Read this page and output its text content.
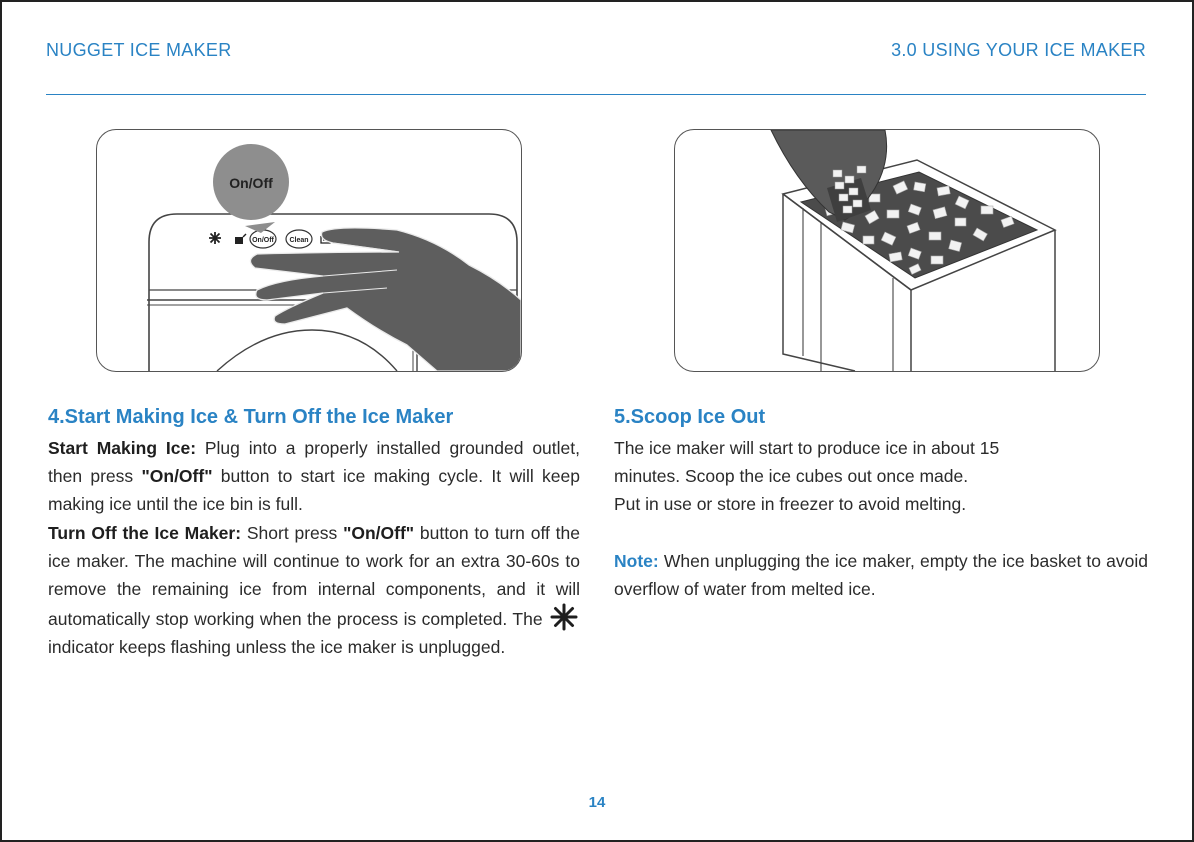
NUGGET ICE MAKER	3.0 USING YOUR ICE MAKER
On/Off Clean
On/Off
4.Start Making Ice & Turn Off the Ice Maker

Start Making Ice: Plug into a properly installed grounded outlet, then press "On/Off" button to start ice making cycle. It will keep making ice until the ice bin is full.

Turn Off the Ice Maker: Short press "On/Off" button to turn off the ice maker. The machine will continue to work for an extra 30-60s to remove the remaining ice from internal components, and it will automatically stop working when the process is completed. The  indicator keeps flashing unless the ice maker is unplugged.

5.Scoop Ice Out

The ice maker will start to produce ice in about 15

minutes. Scoop the ice cubes out once made.

Put in use or store in freezer to avoid melting.

Note: When unplugging the ice maker, empty the ice basket to avoid overflow of water from melted ice.

14
